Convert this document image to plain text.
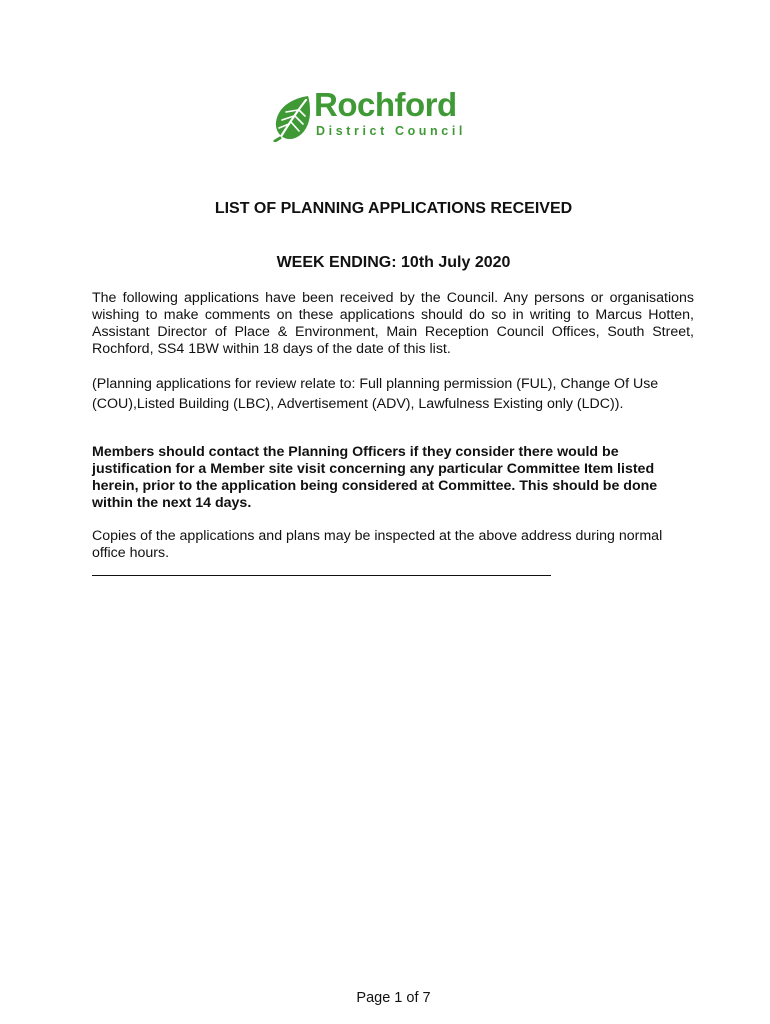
Rochford
District Council
LIST OF PLANNING APPLICATIONS RECEIVED
WEEK ENDING: 10th July 2020

The following applications have been received by the Council. Any persons or organisations wishing to make comments on these applications should do so in writing to Marcus Hotten, Assistant Director of Place & Environment, Main Reception Council Offices, South Street, Rochford, SS4 1BW within 18 days of the date of this list.

(Planning applications for review relate to: Full planning permission (FUL), Change Of Use (COU),Listed Building (LBC), Advertisement (ADV), Lawfulness Existing only (LDC)).

Members should contact the Planning Officers if they consider there would be justification for a Member site visit concerning any particular Committee Item listed herein, prior to the application being considered at Committee. This should be done within the next 14 days.

Copies of the applications and plans may be inspected at the above address during normal office hours.

Page 1 of 7
